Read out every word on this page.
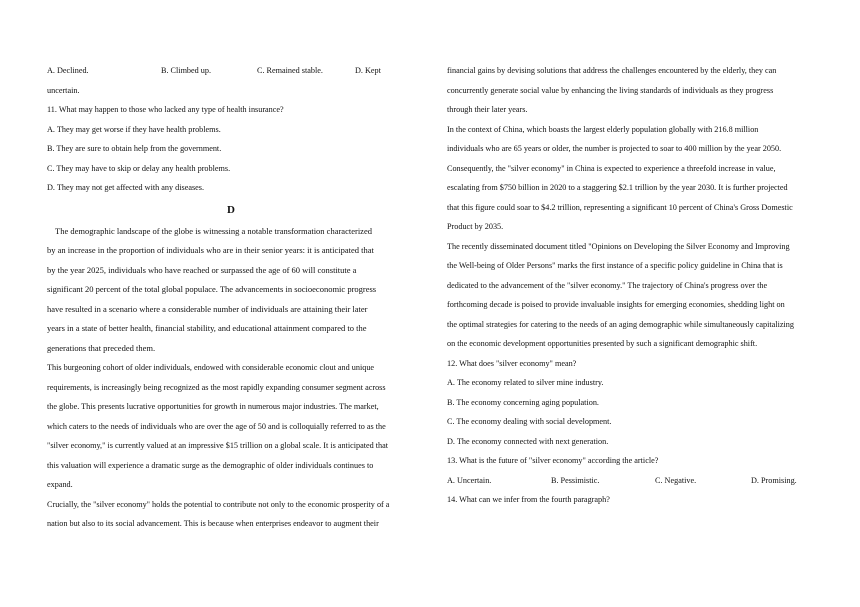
A. Declined.	B. Climbed up.	C. Remained stable.	D. Kept
uncertain.
11. What may happen to those who lacked any type of health insurance?
A. They may get worse if they have health problems.
B. They are sure to obtain help from the government.
C. They may have to skip or delay any health problems.
D. They may not get affected with any diseases.
D
The demographic landscape of the globe is witnessing a notable transformation characterized
by an increase in the proportion of individuals who are in their senior years: it is anticipated that
by the year 2025, individuals who have reached or surpassed the age of 60 will constitute a
significant 20 percent of the total global populace. The advancements in socioeconomic progress
have resulted in a scenario where a considerable number of individuals are attaining their later
years in a state of better health, financial stability, and educational attainment compared to the
generations that preceded them.
This burgeoning cohort of older individuals, endowed with considerable economic clout and unique
requirements, is increasingly being recognized as the most rapidly expanding consumer segment across
the globe. This presents lucrative opportunities for growth in numerous major industries. The market,
which caters to the needs of individuals who are over the age of 50 and is colloquially referred to as the
"silver economy," is currently valued at an impressive $15 trillion on a global scale. It is anticipated that
this valuation will experience a dramatic surge as the demographic of older individuals continues to
expand.
Crucially, the "silver economy" holds the potential to contribute not only to the economic prosperity of a
nation but also to its social advancement. This is because when enterprises endeavor to augment their
financial gains by devising solutions that address the challenges encountered by the elderly, they can
concurrently generate social value by enhancing the living standards of individuals as they progress
through their later years.
In the context of China, which boasts the largest elderly population globally with 216.8 million
individuals who are 65 years or older, the number is projected to soar to 400 million by the year 2050.
Consequently, the "silver economy" in China is expected to experience a threefold increase in value,
escalating from $750 billion in 2020 to a staggering $2.1 trillion by the year 2030. It is further projected
that this figure could soar to $4.2 trillion, representing a significant 10 percent of China's Gross Domestic
Product by 2035.
The recently disseminated document titled "Opinions on Developing the Silver Economy and Improving
the Well-being of Older Persons" marks the first instance of a specific policy guideline in China that is
dedicated to the advancement of the "silver economy." The trajectory of China's progress over the
forthcoming decade is poised to provide invaluable insights for emerging economies, shedding light on
the optimal strategies for catering to the needs of an aging demographic while simultaneously capitalizing
on the economic development opportunities presented by such a significant demographic shift.
12. What does "silver economy" mean?
A. The economy related to silver mine industry.
B. The economy concerning aging population.
C. The economy dealing with social development.
D. The economy connected with next generation.
13. What is the future of "silver economy" according the article?
A. Uncertain.	B. Pessimistic.	C. Negative.	D. Promising.
14. What can we infer from the fourth paragraph?
